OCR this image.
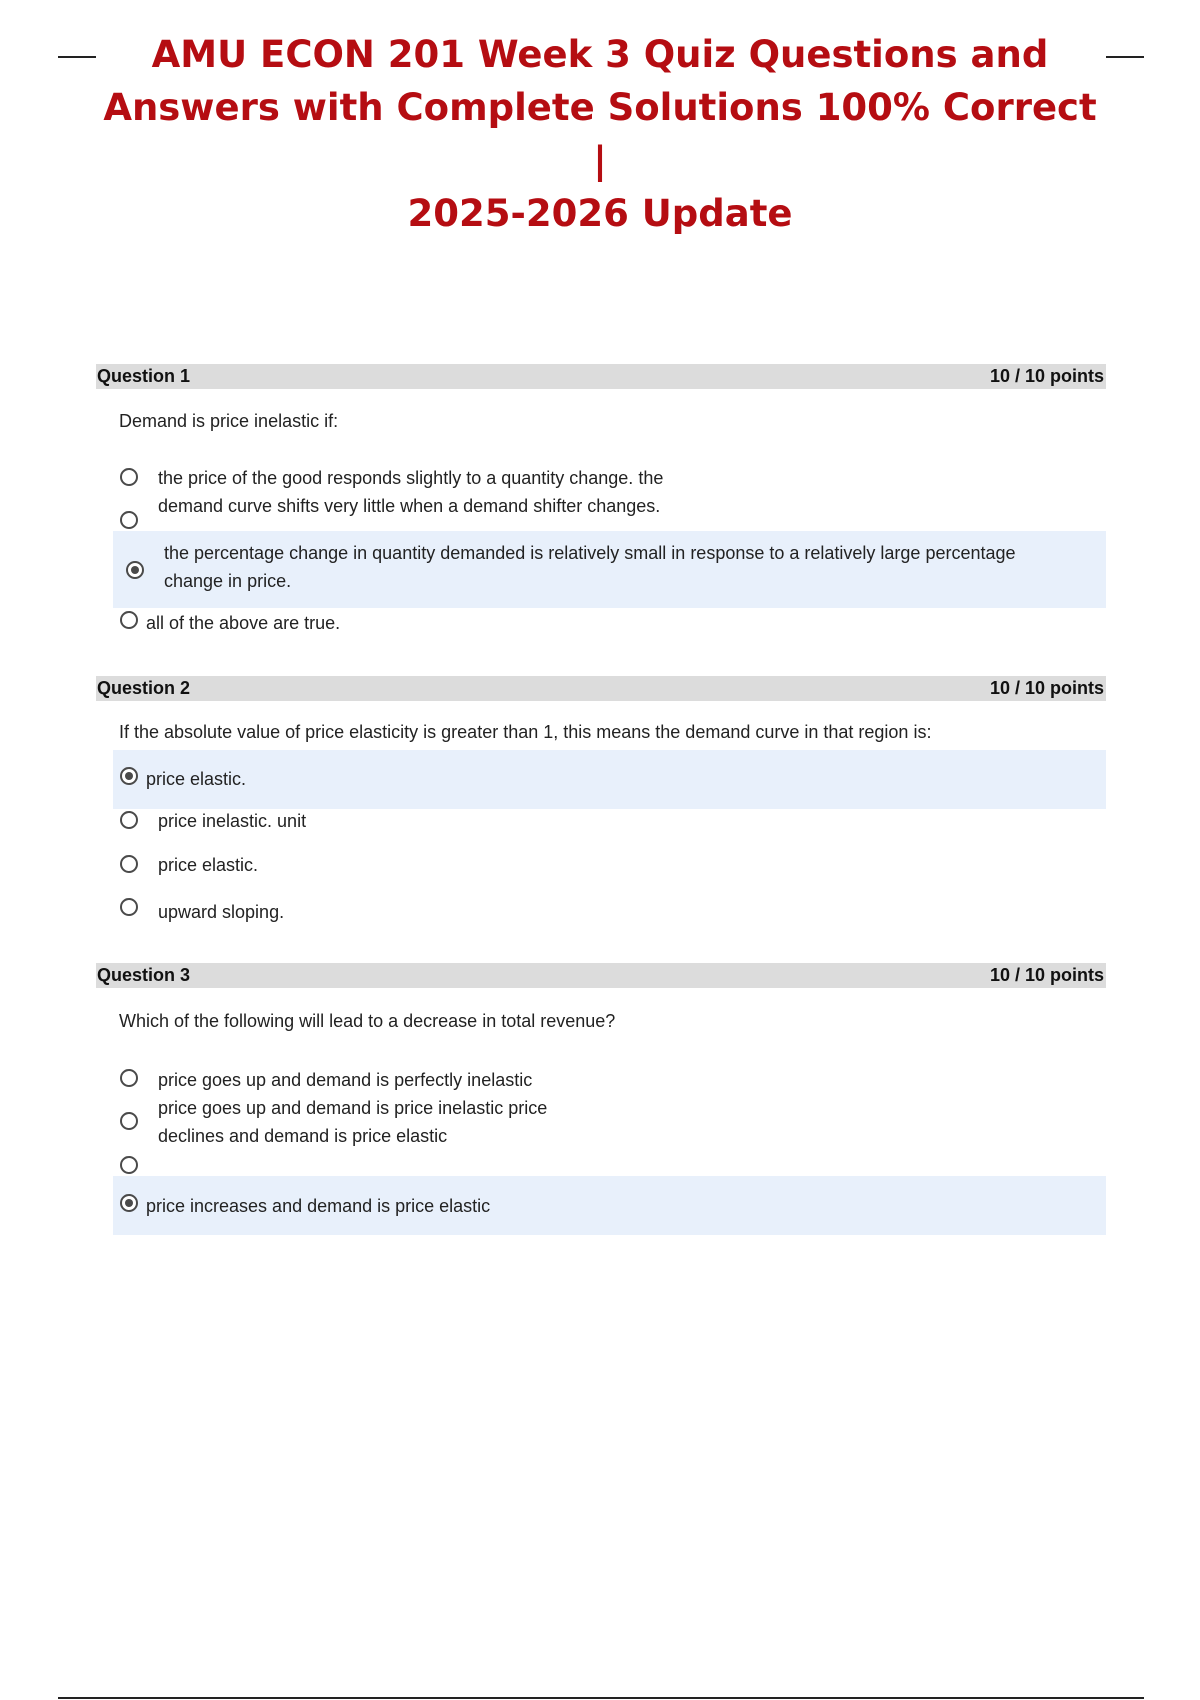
AMU ECON 201 Week 3 Quiz Questions and
Answers with Complete Solutions 100% Correct |
2025-2026 Update
Question 1	10 / 10 points
Demand is price inelastic if:
the price of the good responds slightly to a quantity change. the
demand curve shifts very little when a demand shifter changes.
the percentage change in quantity demanded is relatively small in response to a relatively large percentage
change in price.
all of the above are true.
Question 2	10 / 10 points
If the absolute value of price elasticity is greater than 1, this means the demand curve in that region is:
price elastic.
price inelastic. unit
price elastic.
upward sloping.
Question 3	10 / 10 points
Which of the following will lead to a decrease in total revenue?
price goes up and demand is perfectly inelastic
price goes up and demand is price inelastic price
declines and demand is price elastic
price increases and demand is price elastic
